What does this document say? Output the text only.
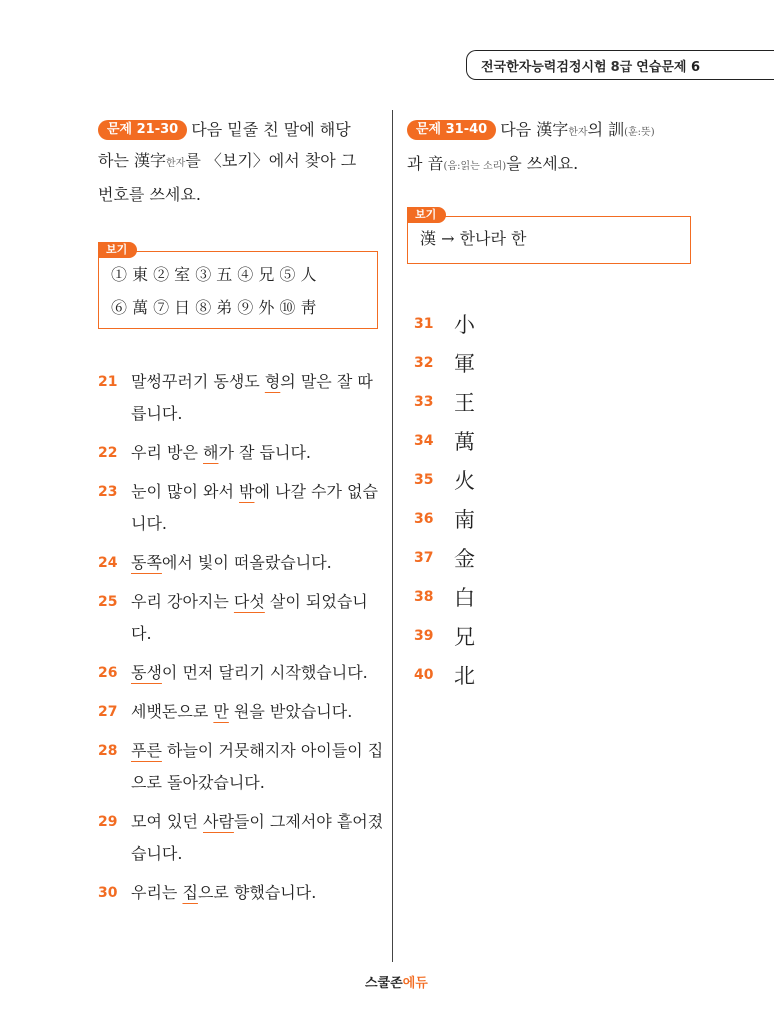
전국한자능력검정시험 8급 연습문제 6
문제 21-30 다음 밑줄 친 말에 해당
하는 漢字한자를 〈보기〉에서 찾아 그
번호를 쓰세요.
보기
① 東 ② 室 ③ 五 ④ 兄 ⑤ 人
⑥ 萬 ⑦ 日 ⑧ 弟 ⑨ 外 ⑩ 靑
21 말썽꾸러기 동생도 형의 말은 잘 따릅니다.
22 우리 방은 해가 잘 듭니다.
23 눈이 많이 와서 밖에 나갈 수가 없습니다.
24 동쪽에서 빛이 떠올랐습니다.
25 우리 강아지는 다섯 살이 되었습니다.
26 동생이 먼저 달리기 시작했습니다.
27 세뱃돈으로 만 원을 받았습니다.
28 푸른 하늘이 거뭇해지자 아이들이 집으로 돌아갔습니다.
29 모여 있던 사람들이 그제서야 흩어졌습니다.
30 우리는 집으로 향했습니다.
문제 31-40 다음 漢字한자의 訓(훈:뜻)
과 音(음:읽는 소리)을 쓰세요.
보기
漢 → 한나라 한
31 小
32 軍
33 王
34 萬
35 火
36 南
37 金
38 白
39 兄
40 北
스쿨존에듀
